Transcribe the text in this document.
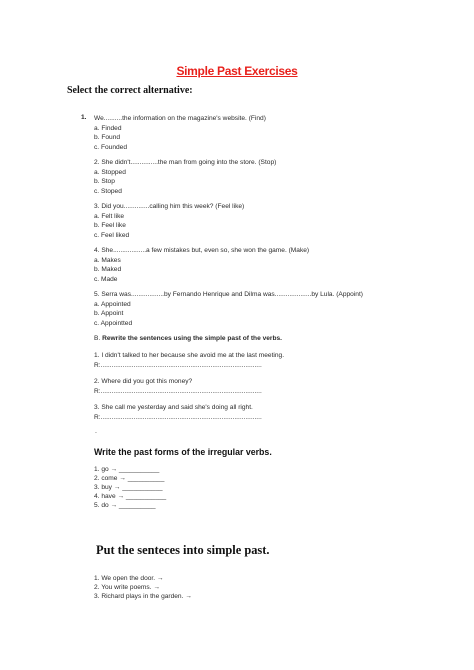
Simple Past Exercises
Select the correct alternative:
1. We..........the information on the magazine's website. (Find)
a. Finded
b. Found
c. Founded
2. She didn't...............the man from going into the store. (Stop)
a. Stopped
b. Stop
c. Stoped
3. Did you..............calling him this week? (Feel like)
a. Felt like
b. Feel like
c. Feel liked
4. She..................a few mistakes but, even so, she won the game. (Make)
a. Makes
b. Maked
c. Made
5. Serra was..................by Fernando Henrique and Dilma was....................by Lula. (Appoint)
a. Appointed
b. Appoint
c. Appointted
B. Rewrite the sentences using the simple past of the verbs.
1. I didn't talked to her because she avoid me at the last meeting.
R:........................................................................................
2. Where did you got this money?
R:........................................................................................
3. She call me yesterday and said she's doing all right.
R:........................................................................................
.
Write the past forms of the irregular verbs.
1. go → ___________
2. come → __________
3. buy → ___________
4. have → ___________
5. do → __________
Put the senteces into simple past.
1. We open the door. →
2. You write poems. →
3. Richard plays in the garden. →
